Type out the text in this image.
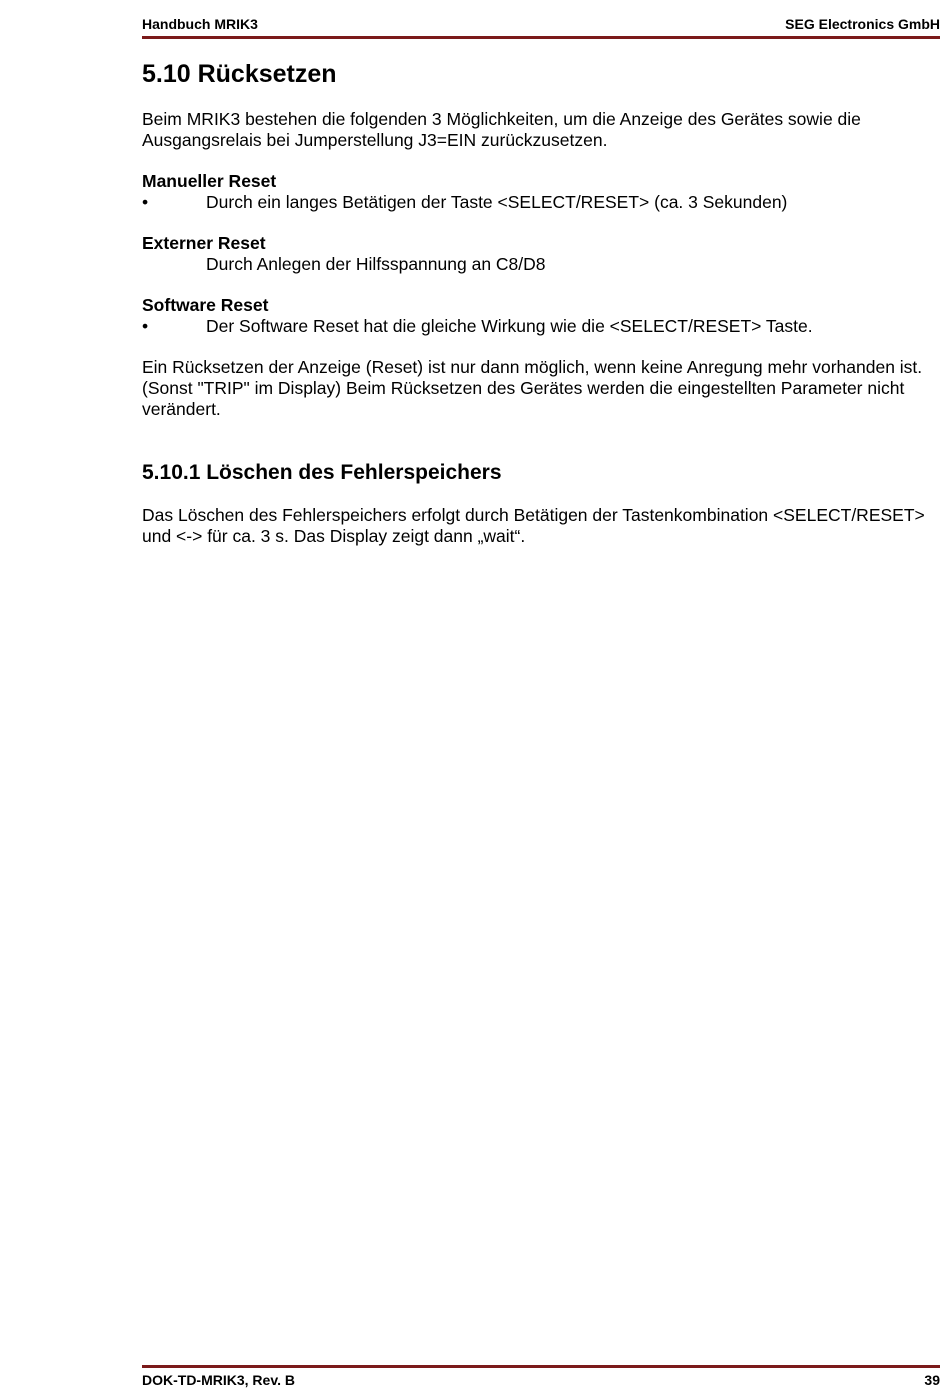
Handbuch MRIK3	SEG Electronics GmbH
5.10 Rücksetzen

Beim MRIK3 bestehen die folgenden 3 Möglichkeiten, um die Anzeige des Gerätes sowie die Ausgangsrelais bei Jumperstellung J3=EIN zurückzusetzen.

Manueller Reset
•	Durch ein langes Betätigen der Taste <SELECT/RESET> (ca. 3 Sekunden)
Externer Reset
Durch Anlegen der Hilfsspannung an C8/D8
Software Reset
•	Der Software Reset hat die gleiche Wirkung wie die <SELECT/RESET> Taste.

Ein Rücksetzen der Anzeige (Reset) ist nur dann möglich, wenn keine Anregung mehr vorhanden ist. (Sonst "TRIP" im Display) Beim Rücksetzen des Gerätes werden die eingestellten Parameter nicht verändert.

5.10.1 Löschen des Fehlerspeichers

Das Löschen des Fehlerspeichers erfolgt durch Betätigen der Tastenkombination <SELECT/RESET> und <-> für ca. 3 s. Das Display zeigt dann „wait“.

DOK-TD-MRIK3, Rev. B	39
